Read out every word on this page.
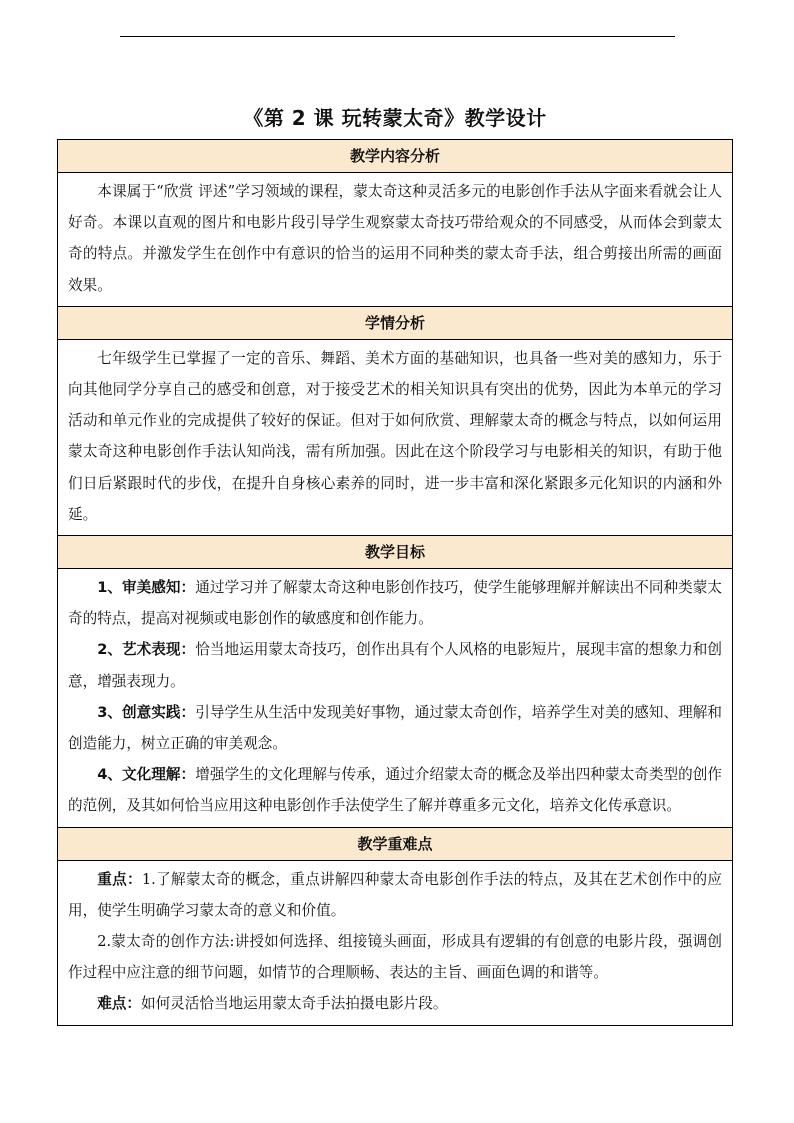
《第 2 课 玩转蒙太奇》教学设计
教学内容分析

本课属于“欣赏 评述”学习领域的课程，蒙太奇这种灵活多元的电影创作手法从字面来看就会让人好奇。本课以直观的图片和电影片段引导学生观察蒙太奇技巧带给观众的不同感受，从而体会到蒙太奇的特点。并激发学生在创作中有意识的恰当的运用不同种类的蒙太奇手法，组合剪接出所需的画面效果。

学情分析

七年级学生已掌握了一定的音乐、舞蹈、美术方面的基础知识，也具备一些对美的感知力，乐于向其他同学分享自己的感受和创意，对于接受艺术的相关知识具有突出的优势，因此为本单元的学习活动和单元作业的完成提供了较好的保证。但对于如何欣赏、理解蒙太奇的概念与特点，以如何运用蒙太奇这种电影创作手法认知尚浅，需有所加强。因此在这个阶段学习与电影相关的知识，有助于他们日后紧跟时代的步伐，在提升自身核心素养的同时，进一步丰富和深化紧跟多元化知识的内涵和外延。

教学目标

1、审美感知：通过学习并了解蒙太奇这种电影创作技巧，使学生能够理解并解读出不同种类蒙太奇的特点，提高对视频或电影创作的敏感度和创作能力。

2、艺术表现：恰当地运用蒙太奇技巧，创作出具有个人风格的电影短片，展现丰富的想象力和创意，增强表现力。

3、创意实践：引导学生从生活中发现美好事物，通过蒙太奇创作，培养学生对美的感知、理解和创造能力，树立正确的审美观念。

4、文化理解：增强学生的文化理解与传承，通过介绍蒙太奇的概念及举出四种蒙太奇类型的创作的范例，及其如何恰当应用这种电影创作手法使学生了解并尊重多元文化，培养文化传承意识。

教学重难点

重点：1.了解蒙太奇的概念，重点讲解四种蒙太奇电影创作手法的特点，及其在艺术创作中的应用，使学生明确学习蒙太奇的意义和价值。

2.蒙太奇的创作方法:讲授如何选择、组接镜头画面，形成具有逻辑的有创意的电影片段，强调创作过程中应注意的细节问题，如情节的合理顺畅、表达的主旨、画面色调的和谐等。

难点：如何灵活恰当地运用蒙太奇手法拍摄电影片段。
